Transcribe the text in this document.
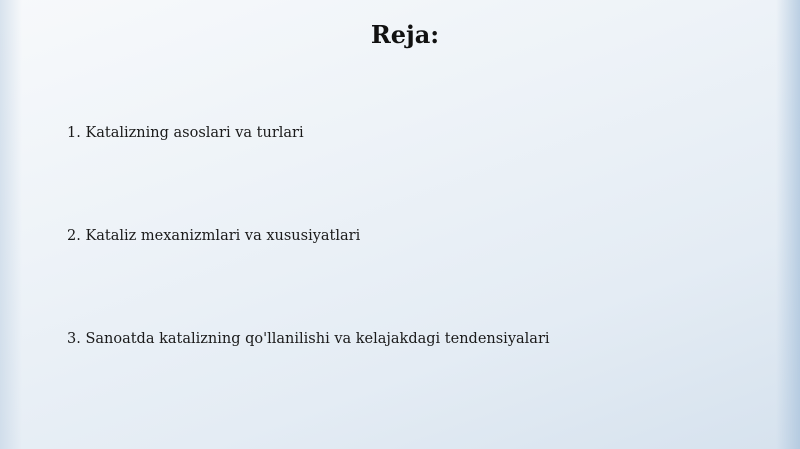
Reja:
1. Katalizning asoslari va turlari
2. Kataliz mexanizmlari va xususiyatlari
3. Sanoatda katalizning qo'llanilishi va kelajakdagi tendensiyalari
